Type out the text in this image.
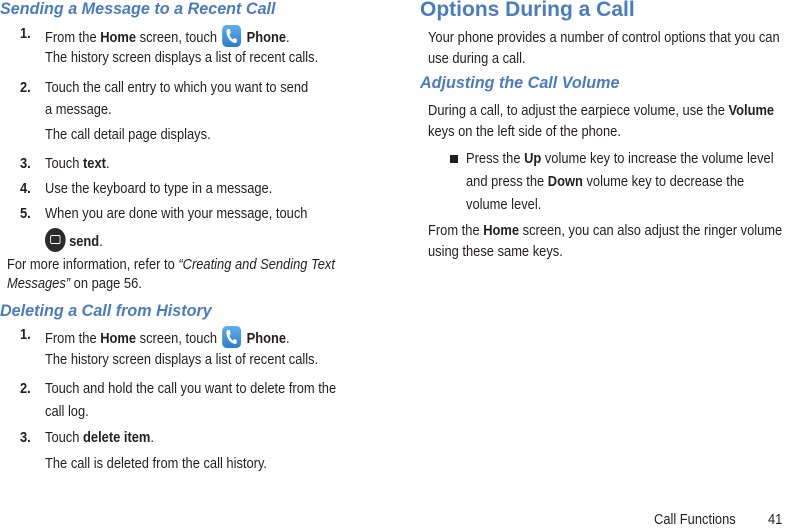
Sending a Message to a Recent Call
1. From the Home screen, touch
Phone.
The history screen displays a list of recent calls.
2. Touch the call entry to which you want to send
a message.
The call detail page displays.
3. Touch text.
4. Use the keyboard to type in a message.
5. When you are done with your message, touch
send.
For more information, refer to “Creating and Sending Text
Messages” on page 56.
Deleting a Call from History
1. From the Home screen, touch
Phone.
The history screen displays a list of recent calls.
2. Touch and hold the call you want to delete from the
call log.
3. Touch delete item.
The call is deleted from the call history.
Options During a Call
Your phone provides a number of control options that you can
use during a call.
Adjusting the Call Volume
During a call, to adjust the earpiece volume, use the Volume
keys on the left side of the phone.
Press the Up volume key to increase the volume level
and press the Down volume key to decrease the
volume level.
From the Home screen, you can also adjust the ringer volume
using these same keys.
Call Functions 41
